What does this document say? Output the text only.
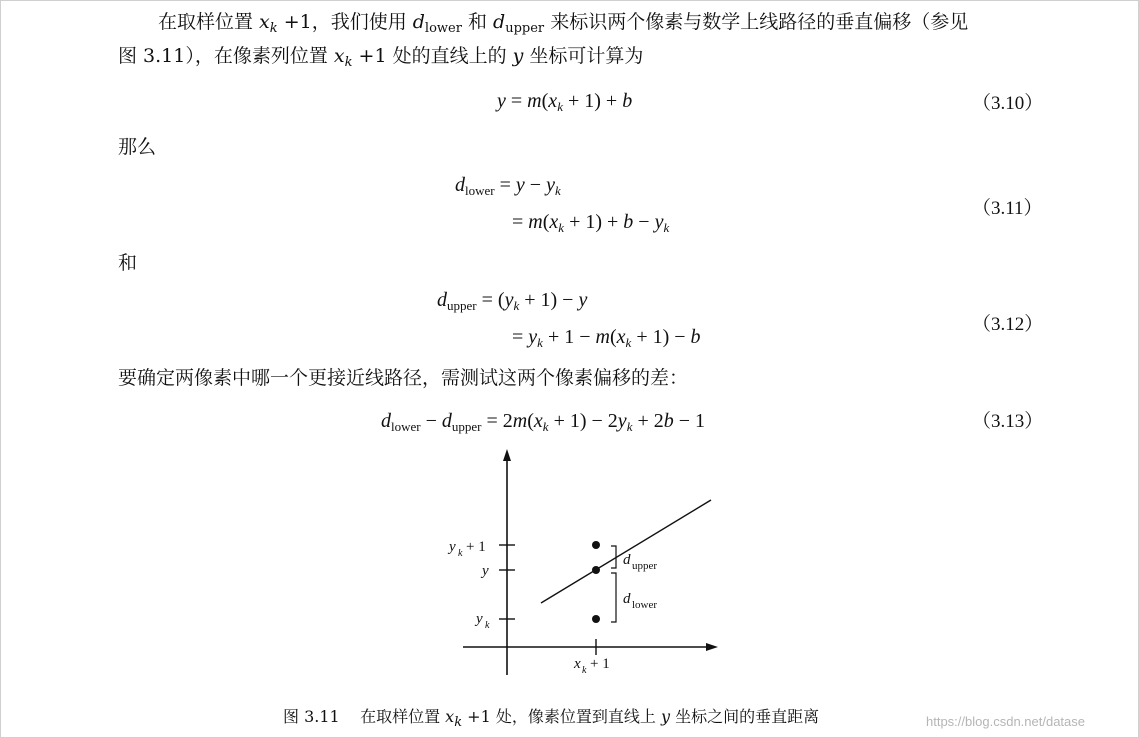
在取样位置 $x_k +1$，我们使用 $d_{lower}$ 和 $d_{upper}$ 来标识两个像素与数学上线路径的垂直偏移（参见
图 3.11），在像素列位置 $x_k +1$ 处的直线上的 y 坐标可计算为
$y = m(x_k + 1) + b$	（3.10）
那么
$d_{lower} = y - y_k$
= $m(x_k + 1) + b - y_k$
（3.11）
和
$d_{upper} = (y_k + 1) - y$
= $y_k + 1 - m(x_k + 1) - b$
（3.12）
要确定两像素中哪一个更接近线路径，需测试这两个像素偏移的差：
$d_{lower} - d_{upper} = 2m(x_k + 1) - 2y_k + 2b - 1$	（3.13）
y k + 1
y
y k
x k + 1
d upper
d lower
图 3.11 在取样位置 $x_k +1$ 处，像素位置到直线上 y 坐标之间的垂直距离	https://blog.csdn.net/datase
